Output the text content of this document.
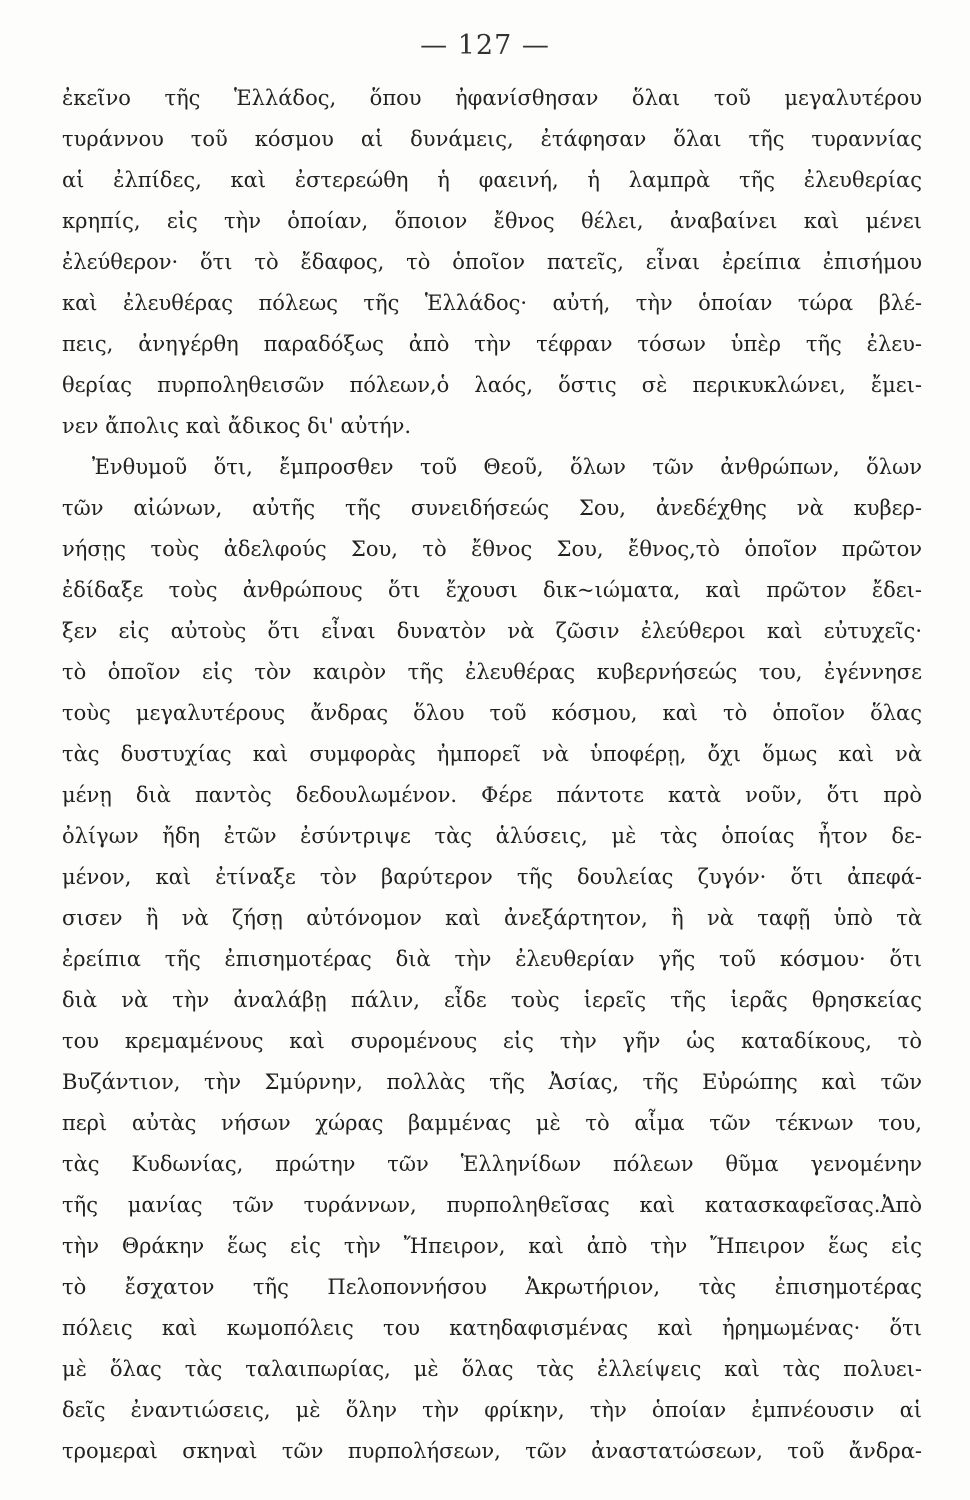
— 127 —
ἐκεῖνο τῆς Ἑλλάδος, ὅπου ἠφανίσθησαν ὅλαι τοῦ μεγαλυτέρου
τυράννου τοῦ κόσμου αἱ δυνάμεις, ἐτάφησαν ὅλαι τῆς τυραννίας
αἱ ἐλπίδες, καὶ ἐστερεώθη ἡ φαεινή, ἡ λαμπρὰ τῆς ἐλευθερίας
κρηπίς, εἰς τὴν ὁποίαν, ὅποιον ἔθνος θέλει, ἀναβαίνει καὶ μένει
ἐλεύθερον· ὅτι τὸ ἔδαφος, τὸ ὁποῖον πατεῖς, εἶναι ἐρείπια ἐπισήμου
καὶ ἐλευθέρας πόλεως τῆς Ἑλλάδος· αὐτή, τὴν ὁποίαν τώρα βλέ-
πεις, ἀνηγέρθη παραδόξως ἀπὸ τὴν τέφραν τόσων ὑπὲρ τῆς ἐλευ-
θερίας πυρποληθεισῶν πόλεων,ὁ λαός, ὅστις σὲ περικυκλώνει, ἔμει-
νεν ἄπολις καὶ ἄδικος δι' αὐτήν.
Ἐνθυμοῦ ὅτι, ἔμπροσθεν τοῦ Θεοῦ, ὅλων τῶν ἀνθρώπων, ὅλων
τῶν αἰώνων, αὐτῆς τῆς συνειδήσεώς Σου, ἀνεδέχθης νὰ κυβερ-
νήσῃς τοὺς ἀδελφούς Σου, τὸ ἔθνος Σου, ἔθνος,τὸ ὁποῖον πρῶτον
ἐδίδαξε τοὺς ἀνθρώπους ὅτι ἔχουσι δικ~ιώματα, καὶ πρῶτον ἔδει-
ξεν εἰς αὐτοὺς ὅτι εἶναι δυνατὸν νὰ ζῶσιν ἐλεύθεροι καὶ εὐτυχεῖς·
τὸ ὁποῖον εἰς τὸν καιρὸν τῆς ἐλευθέρας κυβερνήσεώς του, ἐγέννησε
τοὺς μεγαλυτέρους ἄνδρας ὅλου τοῦ κόσμου, καὶ τὸ ὁποῖον ὅλας
τὰς δυστυχίας καὶ συμφορὰς ἠμπορεῖ νὰ ὑποφέρῃ, ὄχι ὅμως καὶ νὰ
μένῃ διὰ παντὸς δεδουλωμένον. Φέρε πάντοτε κατὰ νοῦν, ὅτι πρὸ
ὀλίγων ἤδη ἐτῶν ἐσύντριψε τὰς ἁλύσεις, μὲ τὰς ὁποίας ἦτον δε-
μένον, καὶ ἐτίναξε τὸν βαρύτερον τῆς δουλείας ζυγόν· ὅτι ἀπεφά-
σισεν ἢ νὰ ζήσῃ αὐτόνομον καὶ ἀνεξάρτητον, ἢ νὰ ταφῇ ὑπὸ τὰ
ἐρείπια τῆς ἐπισημοτέρας διὰ τὴν ἐλευθερίαν γῆς τοῦ κόσμου· ὅτι
διὰ νὰ τὴν ἀναλάβῃ πάλιν, εἶδε τοὺς ἱερεῖς τῆς ἱερᾶς θρησκείας
του κρεμαμένους καὶ συρομένους εἰς τὴν γῆν ὡς καταδίκους, τὸ
Βυζάντιον, τὴν Σμύρνην, πολλὰς τῆς Ἀσίας, τῆς Εὐρώπης καὶ τῶν
περὶ αὐτὰς νήσων χώρας βαμμένας μὲ τὸ αἷμα τῶν τέκνων του,
τὰς Κυδωνίας, πρώτην τῶν Ἑλληνίδων πόλεων θῦμα γενομένην
τῆς μανίας τῶν τυράννων, πυρποληθεῖσας καὶ κατασκαφεῖσας.Ἀπὸ
τὴν Θράκην ἕως εἰς τὴν Ἤπειρον, καὶ ἀπὸ τὴν Ἤπειρον ἕως εἰς
τὸ ἔσχατον τῆς Πελοποννήσου Ἀκρωτήριον, τὰς ἐπισημοτέρας
πόλεις καὶ κωμοπόλεις του κατηδαφισμένας καὶ ἠρημωμένας· ὅτι
μὲ ὅλας τὰς ταλαιπωρίας, μὲ ὅλας τὰς ἐλλείψεις καὶ τὰς πολυει-
δεῖς ἐναντιώσεις, μὲ ὅλην τὴν φρίκην, τὴν ὁποίαν ἐμπνέουσιν αἱ
τρομεραὶ σκηναὶ τῶν πυρπολήσεων, τῶν ἀναστατώσεων, τοῦ ἄνδρα-
